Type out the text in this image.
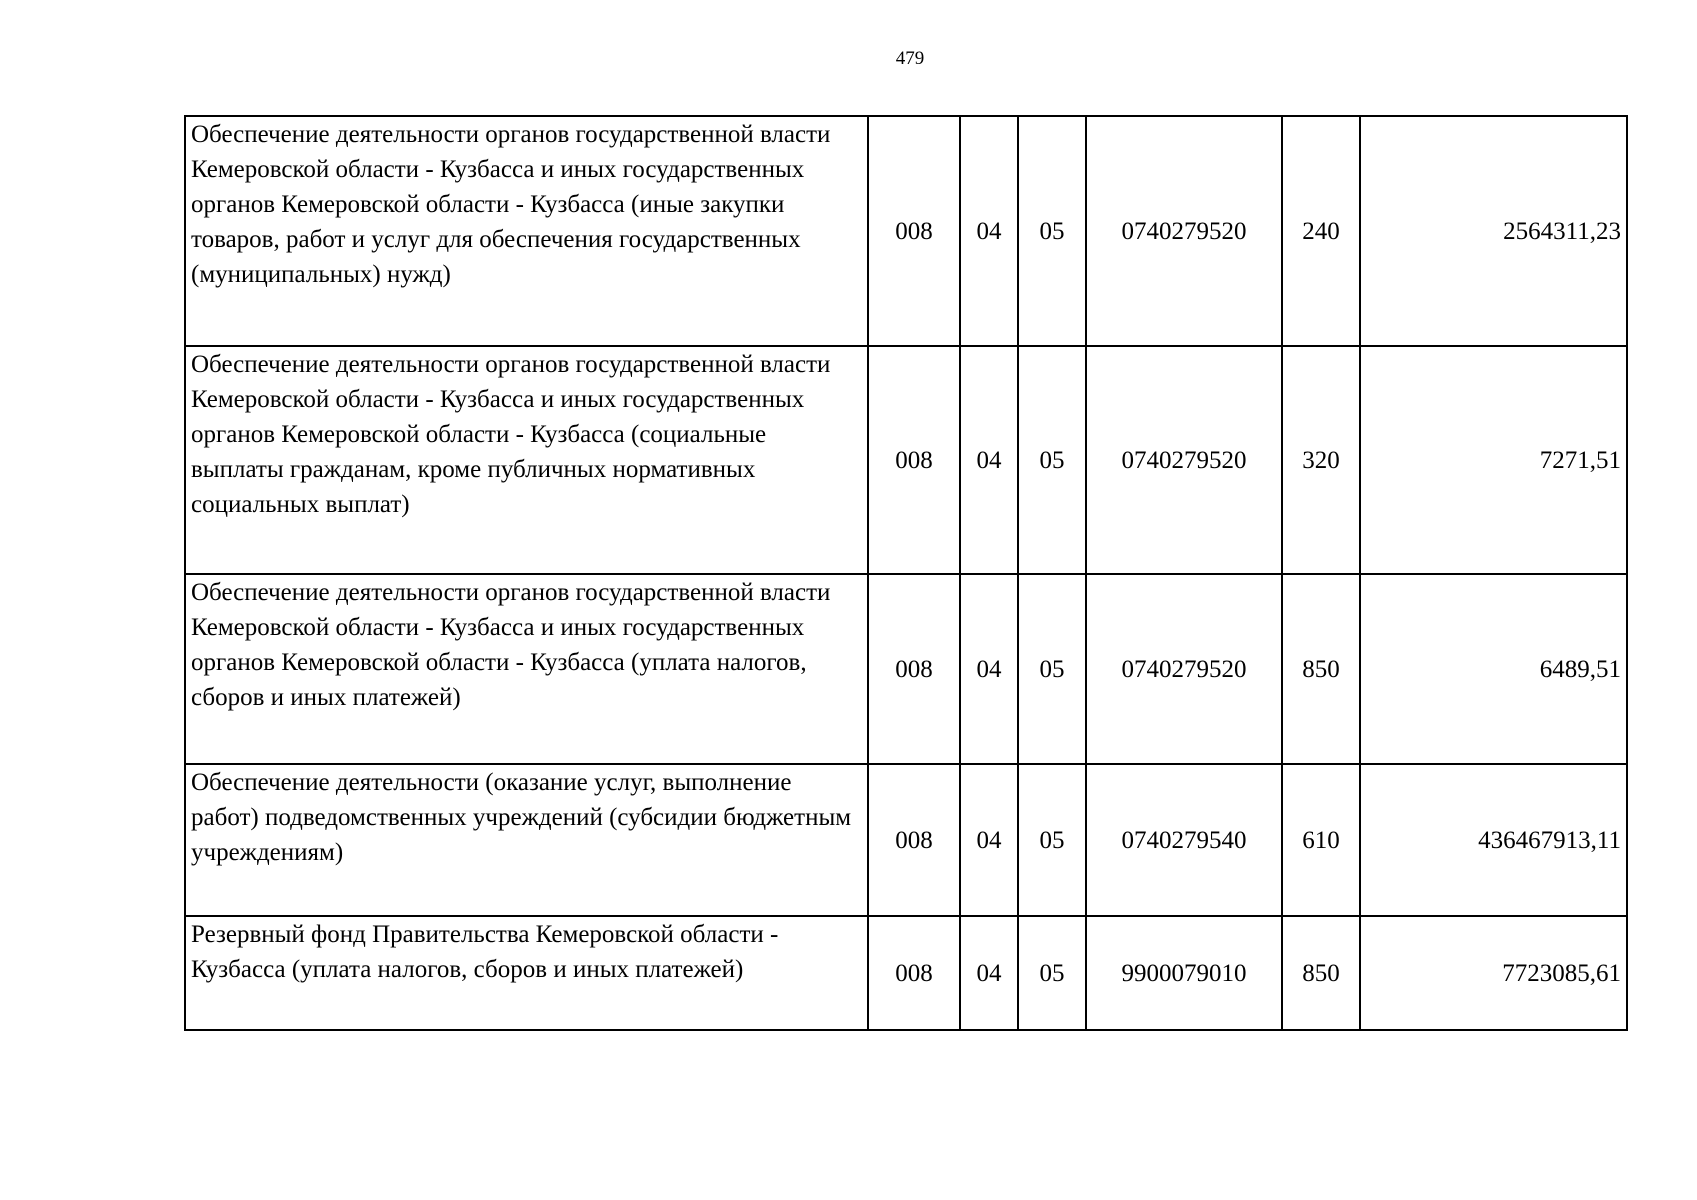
479
Обеспечение деятельности органов государственной власти Кемеровской области - Кузбасса и иных государственных органов Кемеровской области - Кузбасса (иные закупки товаров, работ и услуг для обеспечения государственных (муниципальных) нужд)	008	04	05	0740279520	240	2564311,23
Обеспечение деятельности органов государственной власти Кемеровской области - Кузбасса и иных государственных органов Кемеровской области - Кузбасса (социальные выплаты гражданам, кроме публичных нормативных социальных выплат)	008	04	05	0740279520	320	7271,51
Обеспечение деятельности органов государственной власти Кемеровской области - Кузбасса и иных государственных органов Кемеровской области - Кузбасса (уплата налогов, сборов и иных платежей)	008	04	05	0740279520	850	6489,51
Обеспечение деятельности (оказание услуг, выполнение работ) подведомственных учреждений (субсидии бюджетным учреждениям)	008	04	05	0740279540	610	436467913,11
Резервный фонд Правительства Кемеровской области - Кузбасса (уплата налогов, сборов и иных платежей)	008	04	05	9900079010	850	7723085,61
